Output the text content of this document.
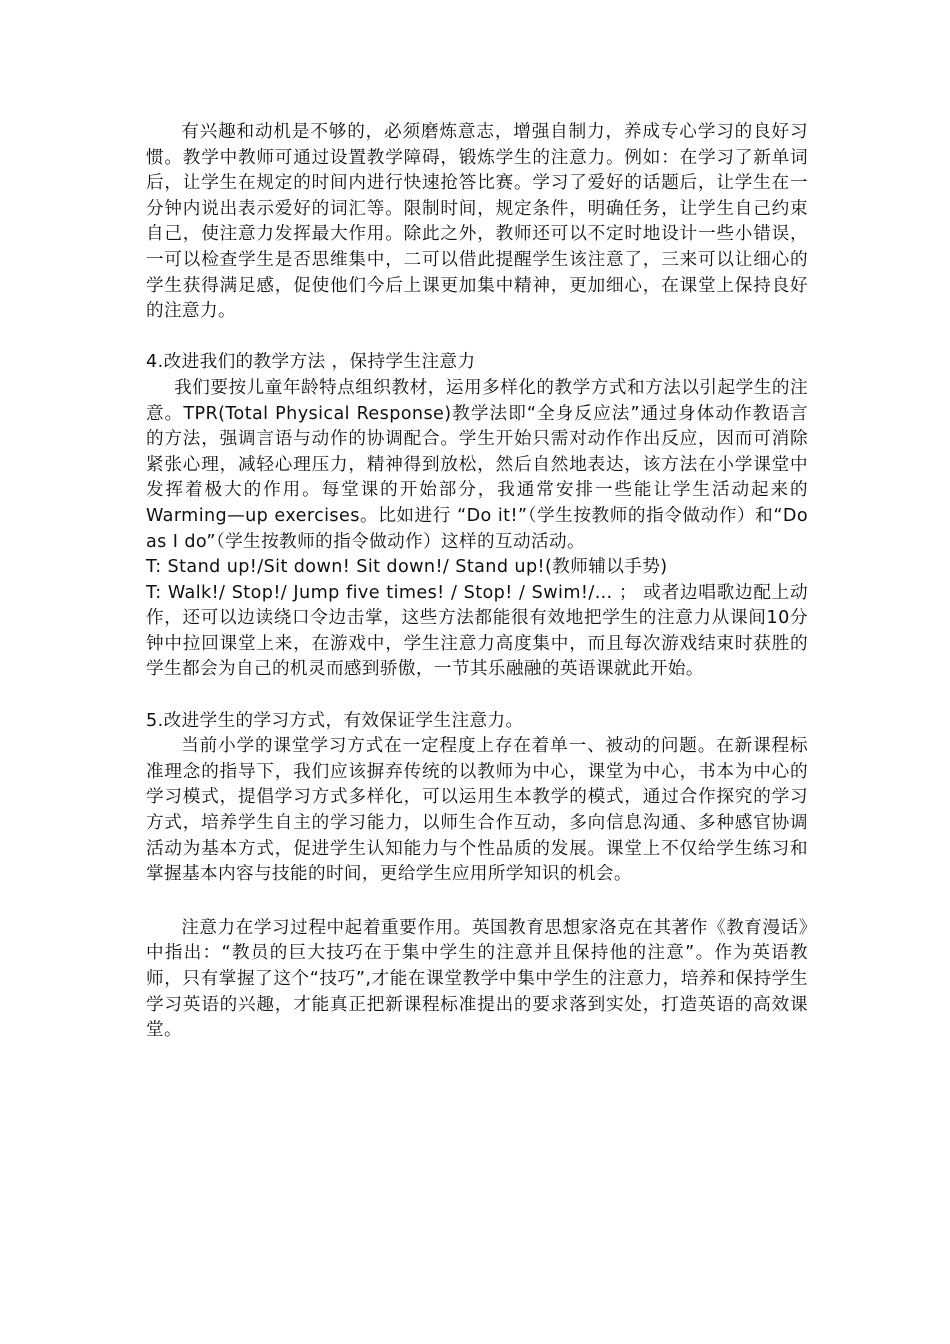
有兴趣和动机是不够的，必须磨炼意志，增强自制力，养成专心学习的良好习惯。教学中教师可通过设置教学障碍，锻炼学生的注意力。例如：在学习了新单词后，让学生在规定的时间内进行快速抢答比赛。学习了爱好的话题后，让学生在一分钟内说出表示爱好的词汇等。限制时间，规定条件，明确任务，让学生自己约束自己，使注意力发挥最大作用。除此之外，教师还可以不定时地设计一些小错误，一可以检查学生是否思维集中，二可以借此提醒学生该注意了，三来可以让细心的学生获得满足感，促使他们今后上课更加集中精神，更加细心，在课堂上保持良好的注意力。

4.改进我们的教学方法 ，保持学生注意力

我们要按儿童年龄特点组织教材，运用多样化的教学方式和方法以引起学生的注意。TPR(Total Physical Response)教学法即“全身反应法”通过身体动作教语言的方法，强调言语与动作的协调配合。学生开始只需对动作作出反应，因而可消除紧张心理，减轻心理压力，精神得到放松，然后自然地表达，该方法在小学课堂中发挥着极大的作用。每堂课的开始部分，我通常安排一些能让学生活动起来的Warming—up exercises。比如进行 “Do it!”（学生按教师的指令做动作）和“Do as I do”（学生按教师的指令做动作）这样的互动活动。

T: Stand up!/Sit down! Sit down!/ Stand up!(教师辅以手势)

T: Walk!/ Stop!/ Jump five times! / Stop! / Swim!/… ； 或者边唱歌边配上动作，还可以边读绕口令边击掌，这些方法都能很有效地把学生的注意力从课间10分钟中拉回课堂上来，在游戏中，学生注意力高度集中，而且每次游戏结束时获胜的学生都会为自己的机灵而感到骄傲，一节其乐融融的英语课就此开始。

5.改进学生的学习方式，有效保证学生注意力。

当前小学的课堂学习方式在一定程度上存在着单一、被动的问题。在新课程标准理念的指导下，我们应该摒弃传统的以教师为中心，课堂为中心，书本为中心的学习模式，提倡学习方式多样化，可以运用生本教学的模式，通过合作探究的学习方式，培养学生自主的学习能力，以师生合作互动，多向信息沟通、多种感官协调活动为基本方式，促进学生认知能力与个性品质的发展。课堂上不仅给学生练习和掌握基本内容与技能的时间，更给学生应用所学知识的机会。

注意力在学习过程中起着重要作用。英国教育思想家洛克在其著作《教育漫话》中指出：“教员的巨大技巧在于集中学生的注意并且保持他的注意”。作为英语教师，只有掌握了这个“技巧”,才能在课堂教学中集中学生的注意力，培养和保持学生学习英语的兴趣，才能真正把新课程标准提出的要求落到实处，打造英语的高效课堂。
